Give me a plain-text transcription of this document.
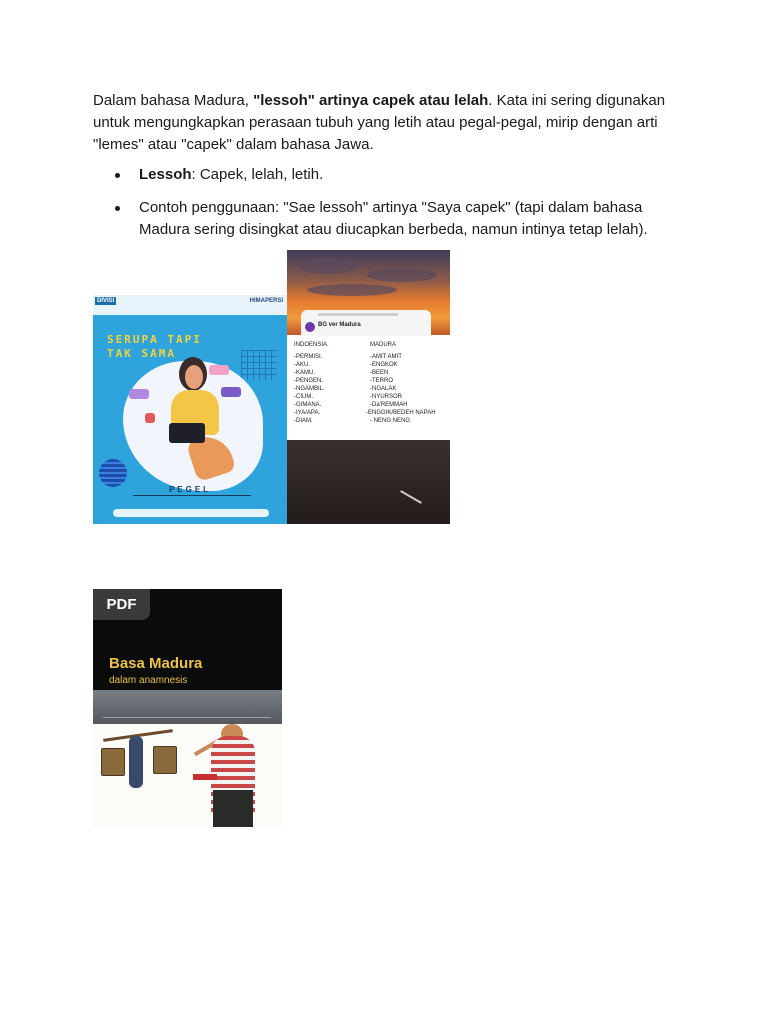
Dalam bahasa Madura, "lessoh" artinya capek atau lelah. Kata ini sering digunakan untuk mengungkapkan perasaan tubuh yang letih atau pegal-pegal, mirip dengan arti "lemes" atau "capek" dalam bahasa Jawa.

Lessoh: Capek, lelah, letih.
Contoh penggunaan: "Sae lessoh" artinya "Saya capek" (tapi dalam bahasa Madura sering disingkat atau diucapkan berbeda, namun intinya tetap lelah).
DIVISI	HIMAPERSI
SERUPA TAPI
TAK SAMA
PEGEL
BG ver Madura
INDOENSIA.
-PERMISI.
-AKU.
-KAMU.
-PENGEN.
-NGAMBIL.
-CIUM.
-GIMANA.
-IYA/APA.
-DIAM.
MADURA
-AMIT AMIT
-ENGKOK
-BEEN
-TERRO
-NGALAK
-NYURSOR
-Da'REMMAH
-ENGGIK/BEDEH NAPAH
- NENG NENG
PDF
Basa Madura
dalam anamnesis
